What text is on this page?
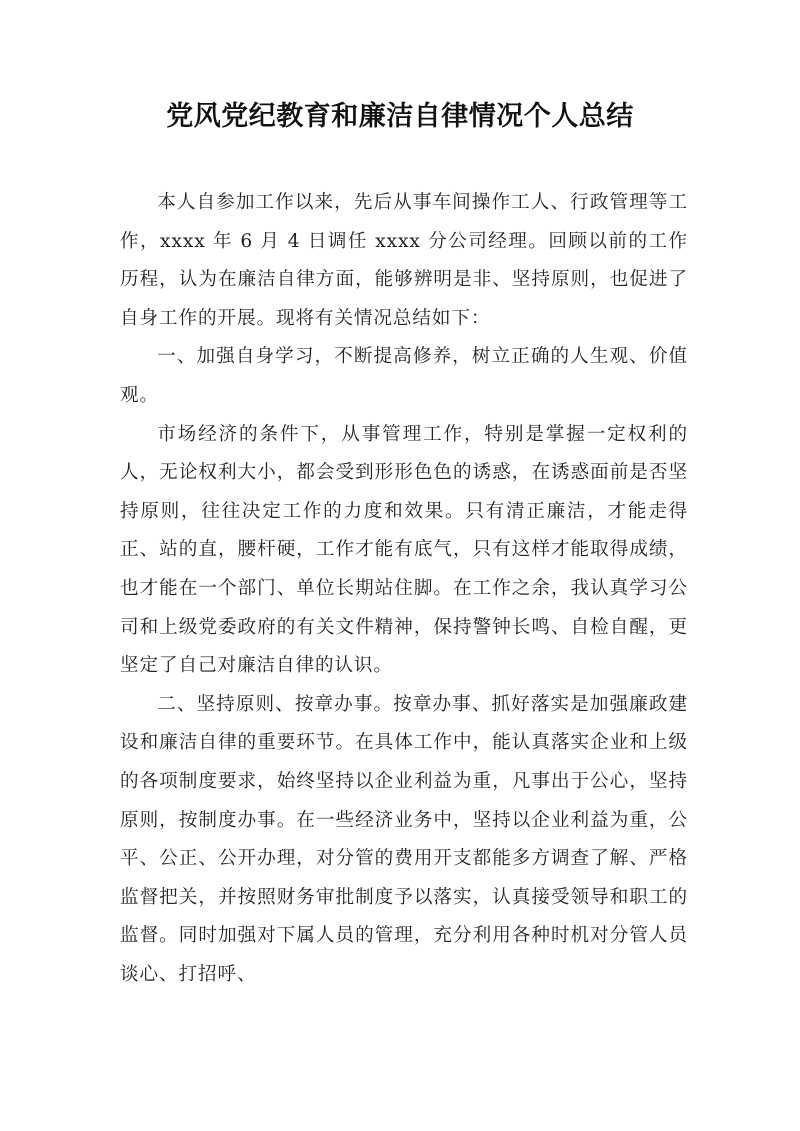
党风党纪教育和廉洁自律情况个人总结

本人自参加工作以来，先后从事车间操作工人、行政管理等工作，xxxx 年 6 月 4 日调任 xxxx 分公司经理。回顾以前的工作历程，认为在廉洁自律方面，能够辨明是非、坚持原则，也促进了自身工作的开展。现将有关情况总结如下：

一、加强自身学习，不断提高修养，树立正确的人生观、价值观。

市场经济的条件下，从事管理工作，特别是掌握一定权利的人，无论权利大小，都会受到形形色色的诱惑，在诱惑面前是否坚持原则，往往决定工作的力度和效果。只有清正廉洁，才能走得正、站的直，腰杆硬，工作才能有底气，只有这样才能取得成绩，也才能在一个部门、单位长期站住脚。在工作之余，我认真学习公司和上级党委政府的有关文件精神，保持警钟长鸣、自检自醒，更坚定了自己对廉洁自律的认识。

二、坚持原则、按章办事。按章办事、抓好落实是加强廉政建设和廉洁自律的重要环节。在具体工作中，能认真落实企业和上级的各项制度要求，始终坚持以企业利益为重，凡事出于公心，坚持原则，按制度办事。在一些经济业务中，坚持以企业利益为重，公平、公正、公开办理，对分管的费用开支都能多方调查了解、严格监督把关，并按照财务审批制度予以落实，认真接受领导和职工的监督。同时加强对下属人员的管理，充分利用各种时机对分管人员谈心、打招呼、
